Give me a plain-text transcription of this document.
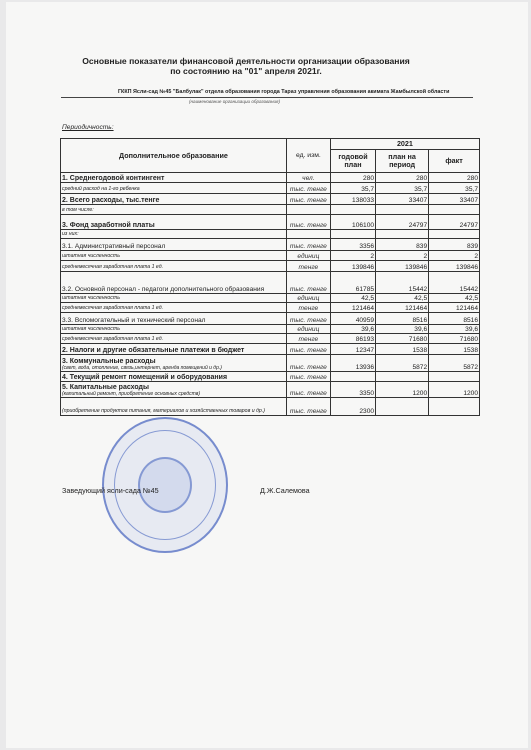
Основные показатели финансовой деятельности организации образования
по состоянию на "01" апреля 2021г.
ГККП Ясли-сад №45 "Балбулак" отдела образования города Тараз управления образования акимата Жамбылской области
(наименование организации образования)
Периодичность:
Дополнительное образование	ед. изм.	2021		
		годовой план	план на период	факт
1. Среднегодовой контингент	чел.	280	280	280
средний расход на 1-го ребенка	тыс. тенге	35,7	35,7	35,7
2. Всего расходы, тыс.тенге	тыс. тенге	138033	33407	33407
в том числе:				
3. Фонд заработной платы	тыс. тенге	106100	24797	24797
из них:				
3.1. Административный персонал	тыс. тенге	3356	839	839
штатная численность	единиц	2	2	2
среднемесячная заработная плата 1 ед.	тенге	139846	139846	139846
3.2. Основной персонал - педагоги дополнительного образования	тыс. тенге	61785	15442	15442
штатная численность	единиц	42,5	42,5	42,5
среднемесячная заработная плата 1 ед.	тенге	121464	121464	121464
3.3. Вспомогательный и технический персонал	тыс. тенге	40959	8516	8516
штатная численность	единиц	39,6	39,6	39,6
среднемесячная заработная плата 1 ед.	тенге	86193	71680	71680
2. Налоги и другие обязательные платежи в бюджет	тыс. тенге	12347	1538	1538
3. Коммунальные расходы
(свет, вода, отопление, связь,интернет, аренда помещений и др.)	тыс. тенге	13936	5872	5872
4. Текущий ремонт помещений и оборудования	тыс. тенге			
5. Капитальные расходы
(капитальный ремонт, приобретение основных средств)	тыс. тенге	3350	1200	1200
(приобретение продуктов питания, материалов и хозяйственных товаров и др.)	тыс. тенге	2300		
Заведующий ясли-сада №45	Д.Ж.Салемова
